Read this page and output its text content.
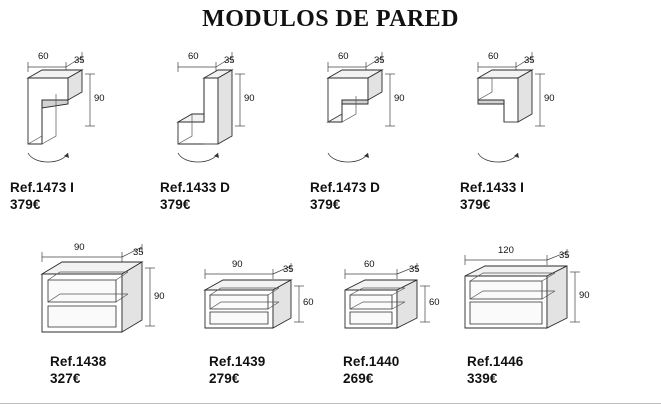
MODULOS DE PARED
60	35
90
Ref.1473 I
379€
60	35
90
Ref.1433 D
379€
60	35
90
Ref.1473 D
379€
60	35
90
Ref.1433 I
379€
90	35
90
Ref.1438
327€
90	35
60
Ref.1439
279€
60	35
60
Ref.1440
269€
120	35
90
Ref.1446
339€
